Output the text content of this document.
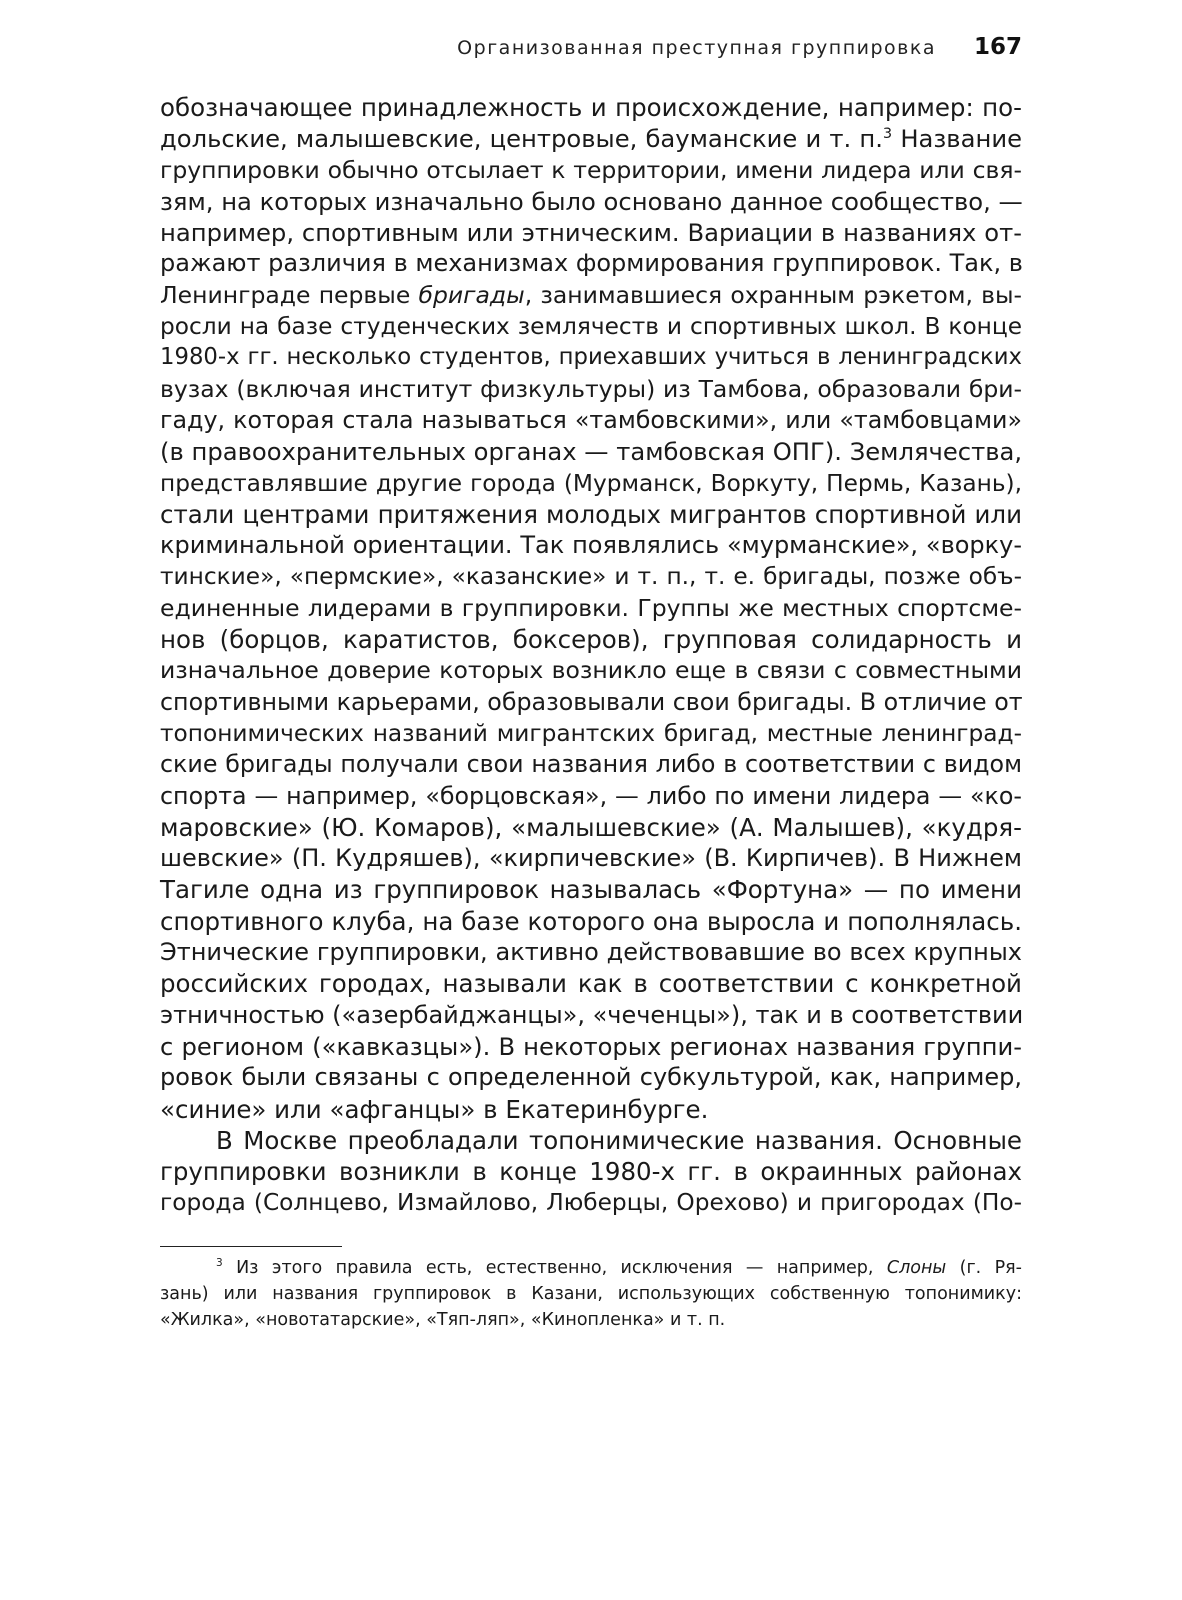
Организованная преступная группировка 167
обозначающее принадлежность и происхождение, например: по-
дольские, малышевские, центровые, бауманские и т. п.$^3$ Название
группировки обычно отсылает к территории, имени лидера или свя-
зям, на которых изначально было основано данное сообщество, —
например, спортивным или этническим. Вариации в названиях от-
ражают различия в механизмах формирования группировок. Так, в
Ленинграде первые бригады, занимавшиеся охранным рэкетом, вы-
росли на базе студенческих землячеств и спортивных школ. В конце
1980-х гг. несколько студентов, приехавших учиться в ленинградских
вузах (включая институт физкультуры) из Тамбова, образовали бри-
гаду, которая стала называться «тамбовскими», или «тамбовцами»
(в правоохранительных органах — тамбовская ОПГ). Землячества,
представлявшие другие города (Мурманск, Воркуту, Пермь, Казань),
стали центрами притяжения молодых мигрантов спортивной или
криминальной ориентации. Так появлялись «мурманские», «ворку-
тинские», «пермские», «казанские» и т. п., т. е. бригады, позже объ-
единенные лидерами в группировки. Группы же местных спортсме-
нов (борцов, каратистов, боксеров), групповая солидарность и
изначальное доверие которых возникло еще в связи с совместными
спортивными карьерами, образовывали свои бригады. В отличие от
топонимических названий мигрантских бригад, местные ленинград-
ские бригады получали свои названия либо в соответствии с видом
спорта — например, «борцовская», — либо по имени лидера — «ко-
маровские» (Ю. Комаров), «малышевские» (А. Малышев), «кудря-
шевские» (П. Кудряшев), «кирпичевские» (В. Кирпичев). В Нижнем
Тагиле одна из группировок называлась «Фортуна» — по имени
спортивного клуба, на базе которого она выросла и пополнялась.
Этнические группировки, активно действовавшие во всех крупных
российских городах, называли как в соответствии с конкретной
этничностью («азербайджанцы», «чеченцы»), так и в соответствии
с регионом («кавказцы»). В некоторых регионах названия группи-
ровок были связаны с определенной субкультурой, как, например,
«синие» или «афганцы» в Екатеринбурге.
В Москве преобладали топонимические названия. Основные
группировки возникли в конце 1980-х гг. в окраинных районах
города (Солнцево, Измайлово, Люберцы, Орехово) и пригородах (По-
$^3$ Из этого правила есть, естественно, исключения — например, Слоны (г. Ря-
зань) или названия группировок в Казани, использующих собственную топонимику:
«Жилка», «новотатарские», «Тяп-ляп», «Кинопленка» и т. п.
